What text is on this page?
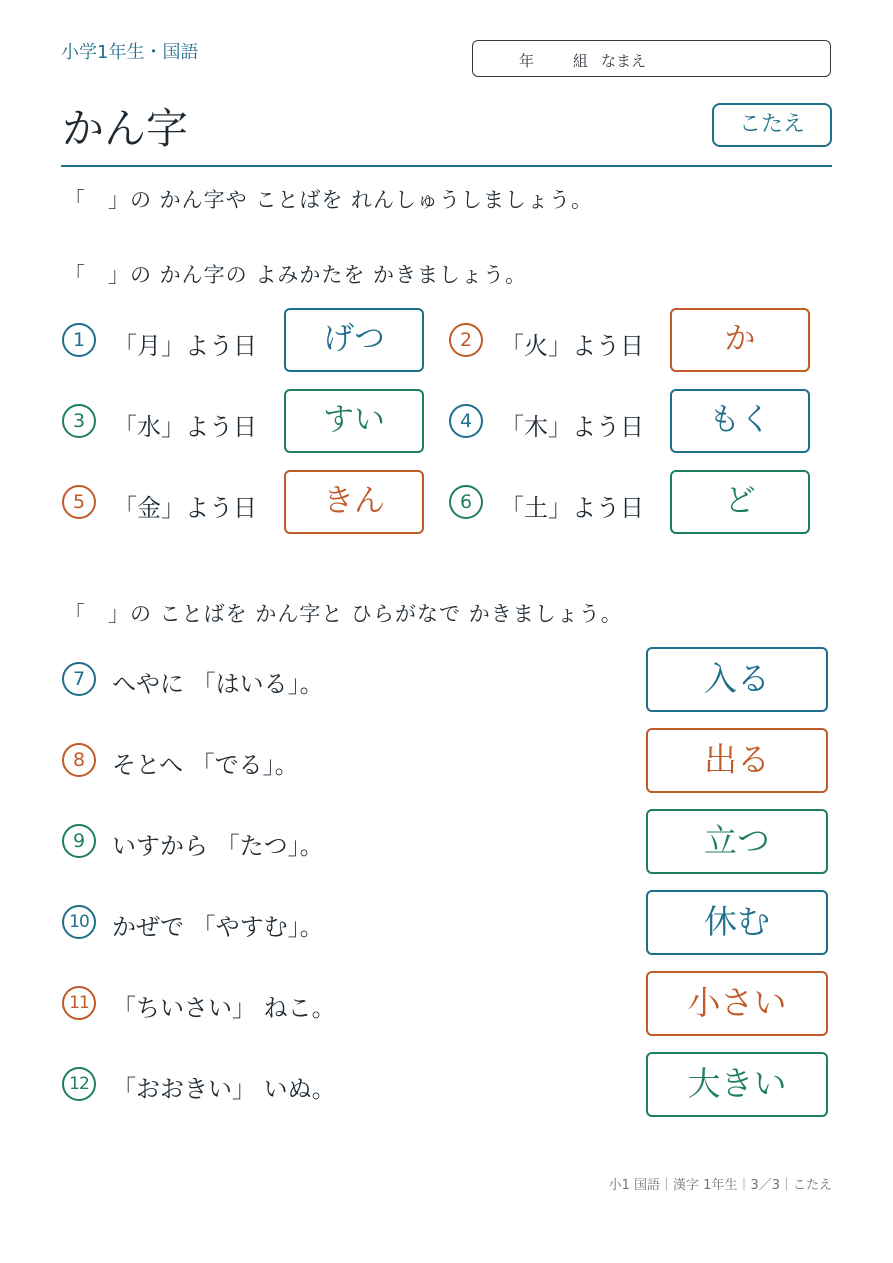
小学1年生・国語	年	組 なまえ
かん字	こたえ
「　」の かん字や ことばを れんしゅうしましょう。
「　」の かん字の よみかたを かきましょう。
1	「月」よう日	げつ	2	「火」よう日	か
3	「水」よう日	すい	4	「木」よう日	もく
5	「金」よう日	きん	6	「土」よう日	ど
「　」の ことばを かん字と ひらがなで かきましょう。
7	へやに 「はいる」。	入る
8	そとへ 「でる」。	出る
9	いすから 「たつ」。	立つ
10 かぜで 「やすむ」。	休む
11 「ちいさい」 ねこ。	小さい
12 「おおきい」 いぬ。	大きい
小1 国語｜漢字 1年生｜3／3｜こたえ
